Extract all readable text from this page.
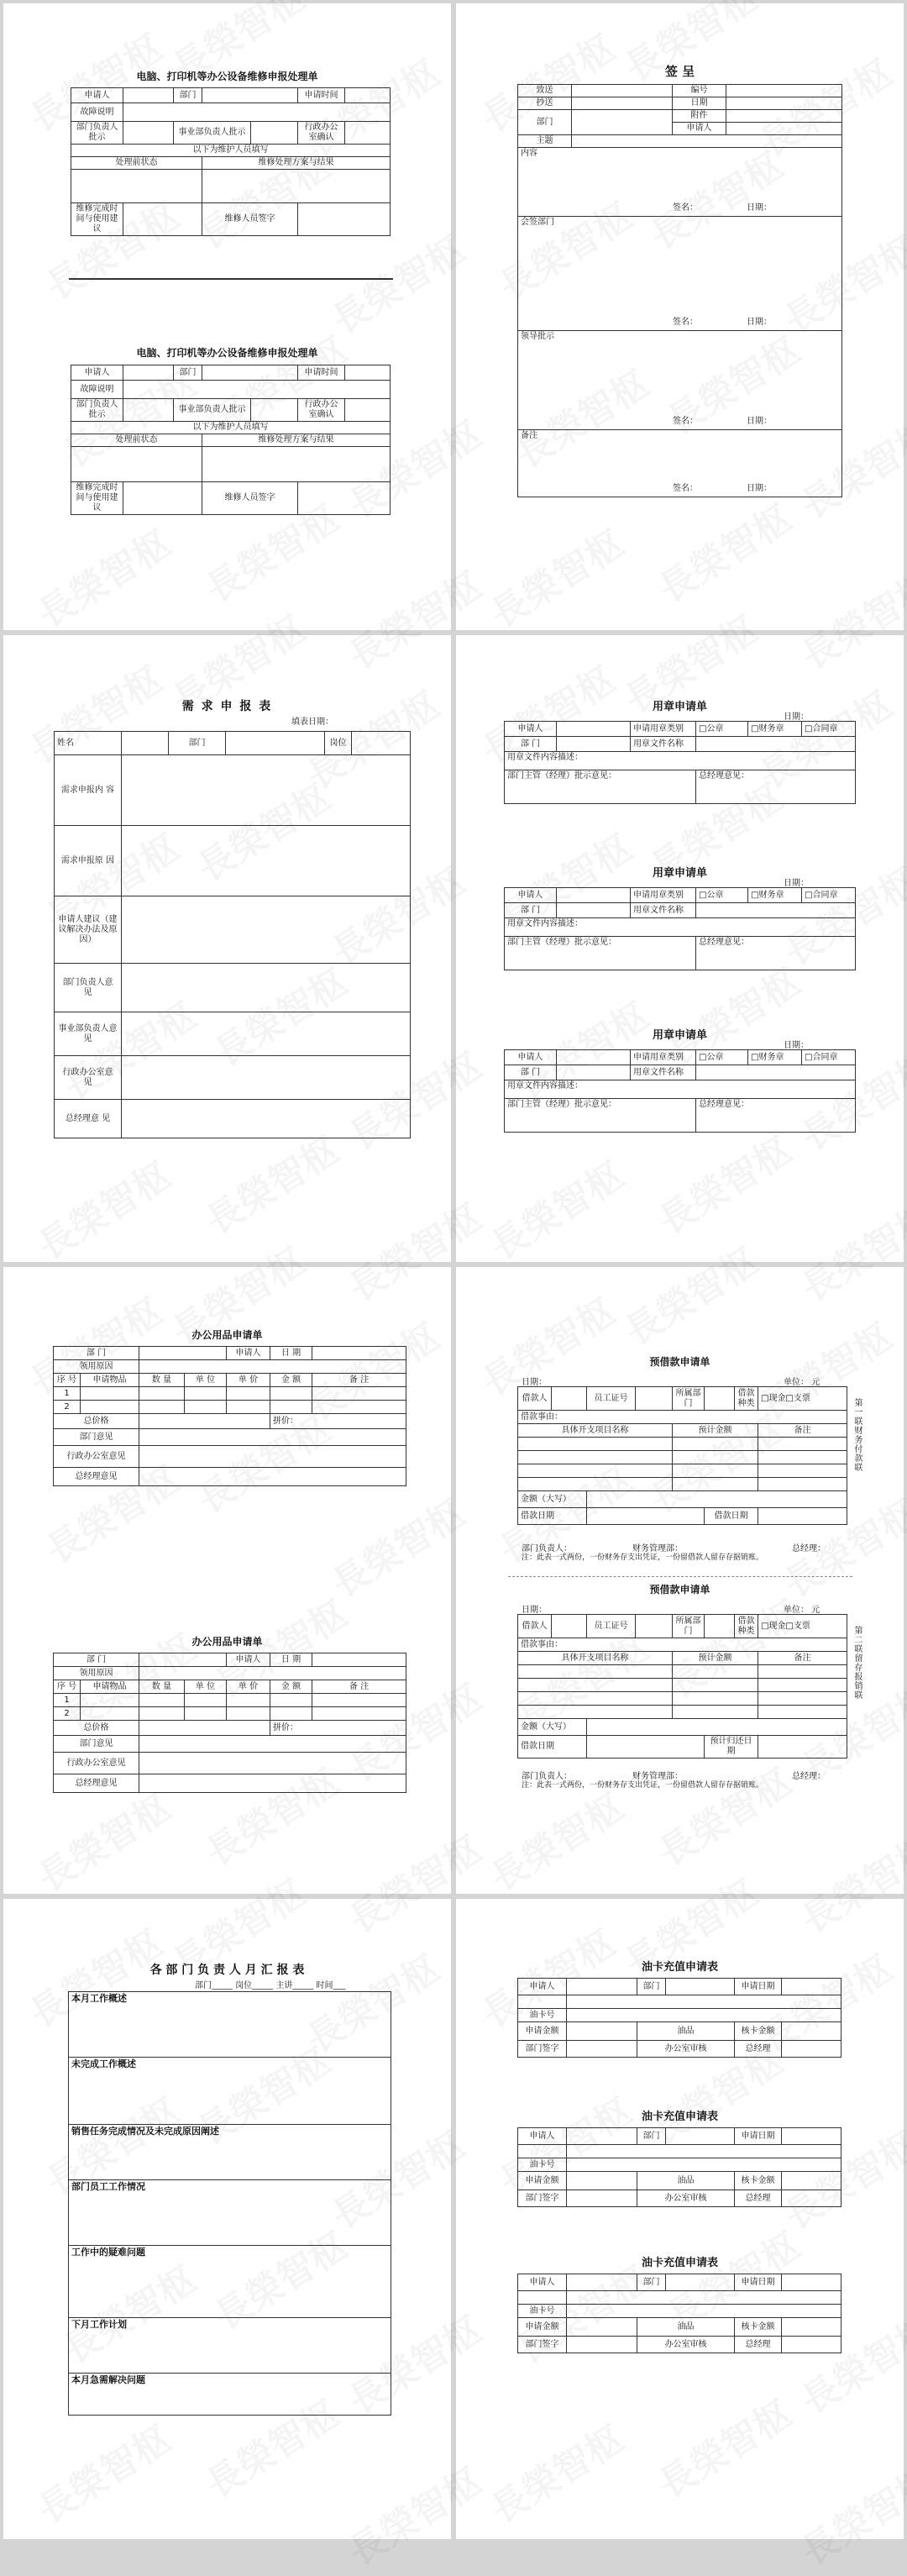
电脑、打印机等办公设备维修申报处理单
申请人		部门			申请时间	
故障说明						
部门负责人批示		事业部负责人批示			行政办公室确认	
以下为维护人员填写						
处理前状态			维修处理方案与结果			

维修完成时间与使用建议			维修人员签字			
电脑、打印机等办公设备维修申报处理单
申请人		部门			申请时间	
故障说明						
部门负责人批示		事业部负责人批示			行政办公室确认	
以下为维护人员填写						
处理前状态			维修处理方案与结果			

维修完成时间与使用建议			维修人员签字			
签 呈
致送		编号	
抄送		日期	
部门		附件	
		申请人	
主题			
内容
签名： 日期：			

会签部门
签名： 日期：			

领导批示
签名： 日期：			

备注
签名： 日期：			
需 求 申 报 表
填表日期：
姓名		部门		岗位	
需求申报内 容					
需求申报原 因					
申请人建议（建议解决办法及原因）					
部门负责人意 见					
事业部负责人意 见					
行政办公室意 见					
总经理意 见					
用章申请单
日期：
申请人		申请用章类别	□公章	□财务章	□合同章
部 门		用章文件名称			
用章文件内容描述：					
部门主管（经理）批示意见：			总经理意见：		
用章申请单
日期：
申请人		申请用章类别	□公章	□财务章	□合同章
部 门		用章文件名称			
用章文件内容描述：					
部门主管（经理）批示意见：			总经理意见：		
用章申请单
日期：
申请人		申请用章类别	□公章	□财务章	□合同章
部 门		用章文件名称			
用章文件内容描述：					
部门主管（经理）批示意见：			总经理意见：		
办公用品申请单
部 门				申请人	日 期	
领用原因						
序 号	申请物品	数 量	单 位	单 价	金 额	备 注
1						
2						
总价格					拼价：	
部门意见						
行政办公室意见						
总经理意见						
办公用品申请单
部 门				申请人	日 期	
领用原因						
序 号	申请物品	数 量	单 位	单 价	金 额	备 注
1						
2						
总价格					拼价：	
部门意见						
行政办公室意见						
总经理意见						
预借款申请单
日期：	单位： 元
借款人		员工证号		所属部门		借款种类	□现金□支票
借款事由：							
具体开支项目名称				预计金额			备注

金额（大写）							
借款日期					借款日期		
第一联财务付款联
部门负责人：	财务管理部：	总经理：
注：此表一式两份，一份财务存支出凭证，一份留借款人留存存据销账。
预借款申请单
日期：	单位： 元
借款人		员工证号		所属部门		借款种类	□现金□支票
借款事由：							
具体开支项目名称				预计金额			备注

金额（大写）							
借款日期					预计归还日期		
第二联留存报销联
部门负责人：	财务管理部：	总经理：
注：此表一式两份，一份财务存支出凭证，一份留借款人留存存据销账。
各 部 门 负 责 人 月 汇 报 表
部门_____ 岗位_____ 主讲_____ 时间___
本月工作概述
未完成工作概述
销售任务完成情况及未完成原因阐述
部门员工工作情况
工作中的疑难问题
下月工作计划
本月急需解决问题
油卡充值申请表
申请人		部门		申请日期	

油卡号					
申请金额		油品		核卡金额	
部门签字		办公室审核		总经理	
油卡充值申请表
申请人		部门		申请日期	

油卡号					
申请金额		油品		核卡金额	
部门签字		办公室审核		总经理	
油卡充值申请表
申请人		部门		申请日期	

油卡号					
申请金额		油品		核卡金额	
部门签字		办公室审核		总经理	
